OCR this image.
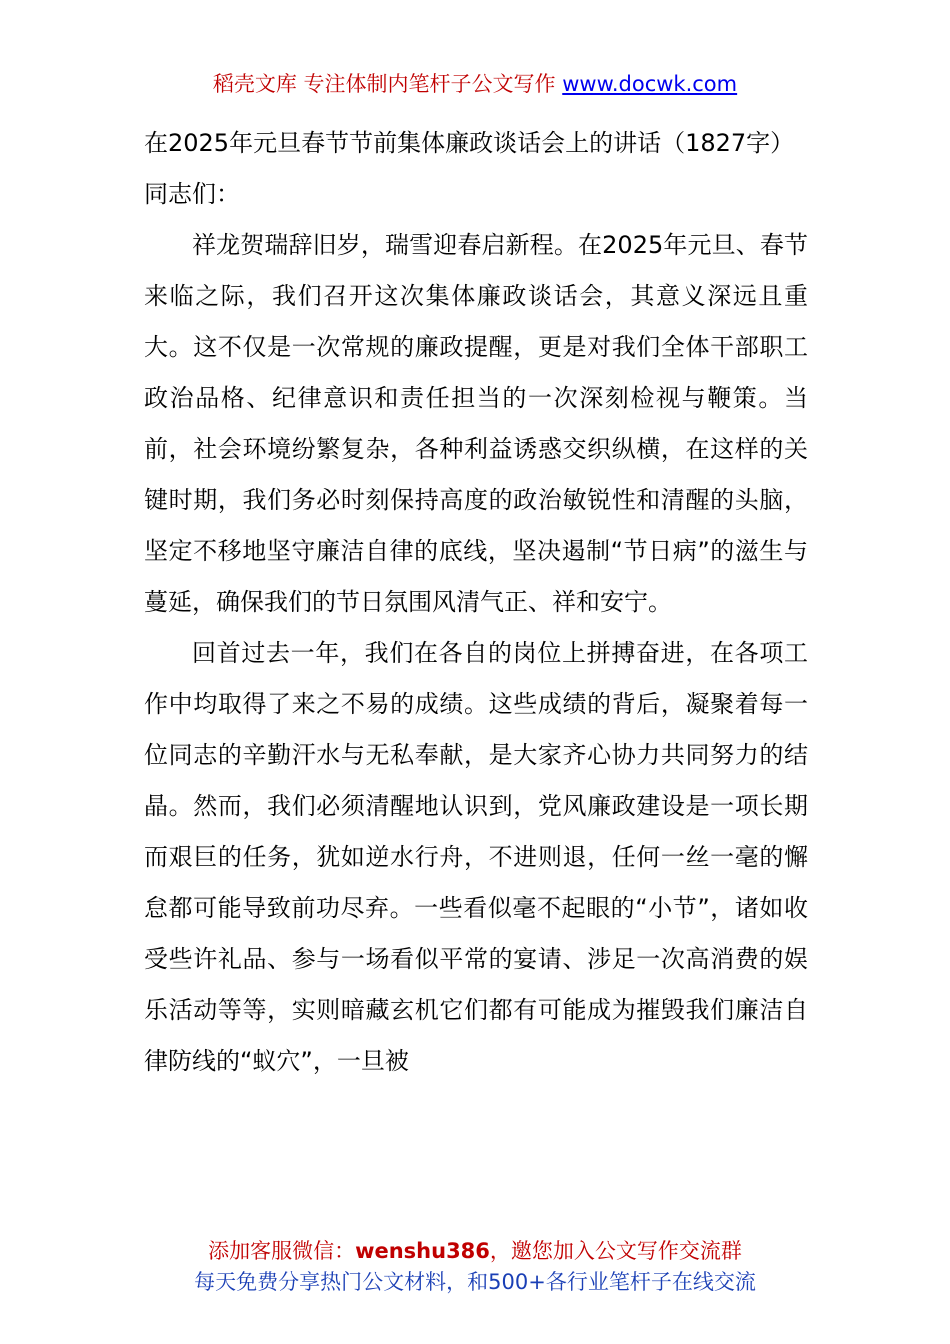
稻壳文库 专注体制内笔杆子公文写作 www.docwk.com

在2025年元旦春节节前集体廉政谈话会上的讲话（1827字）

同志们：

祥龙贺瑞辞旧岁，瑞雪迎春启新程。在2025年元旦、春节来临之际，我们召开这次集体廉政谈话会，其意义深远且重大。这不仅是一次常规的廉政提醒，更是对我们全体干部职工政治品格、纪律意识和责任担当的一次深刻检视与鞭策。当前，社会环境纷繁复杂，各种利益诱惑交织纵横，在这样的关键时期，我们务必时刻保持高度的政治敏锐性和清醒的头脑，坚定不移地坚守廉洁自律的底线，坚决遏制“节日病”的滋生与蔓延，确保我们的节日氛围风清气正、祥和安宁。

回首过去一年，我们在各自的岗位上拼搏奋进，在各项工作中均取得了来之不易的成绩。这些成绩的背后，凝聚着每一位同志的辛勤汗水与无私奉献，是大家齐心协力共同努力的结晶。然而，我们必须清醒地认识到，党风廉政建设是一项长期而艰巨的任务，犹如逆水行舟，不进则退，任何一丝一毫的懈怠都可能导致前功尽弃。一些看似毫不起眼的“小节”，诸如收受些许礼品、参与一场看似平常的宴请、涉足一次高消费的娱乐活动等等，实则暗藏玄机它们都有可能成为摧毁我们廉洁自律防线的“蚁穴”，一旦被

添加客服微信：wenshu386，邀您加入公文写作交流群
每天免费分享热门公文材料，和500+各行业笔杆子在线交流
